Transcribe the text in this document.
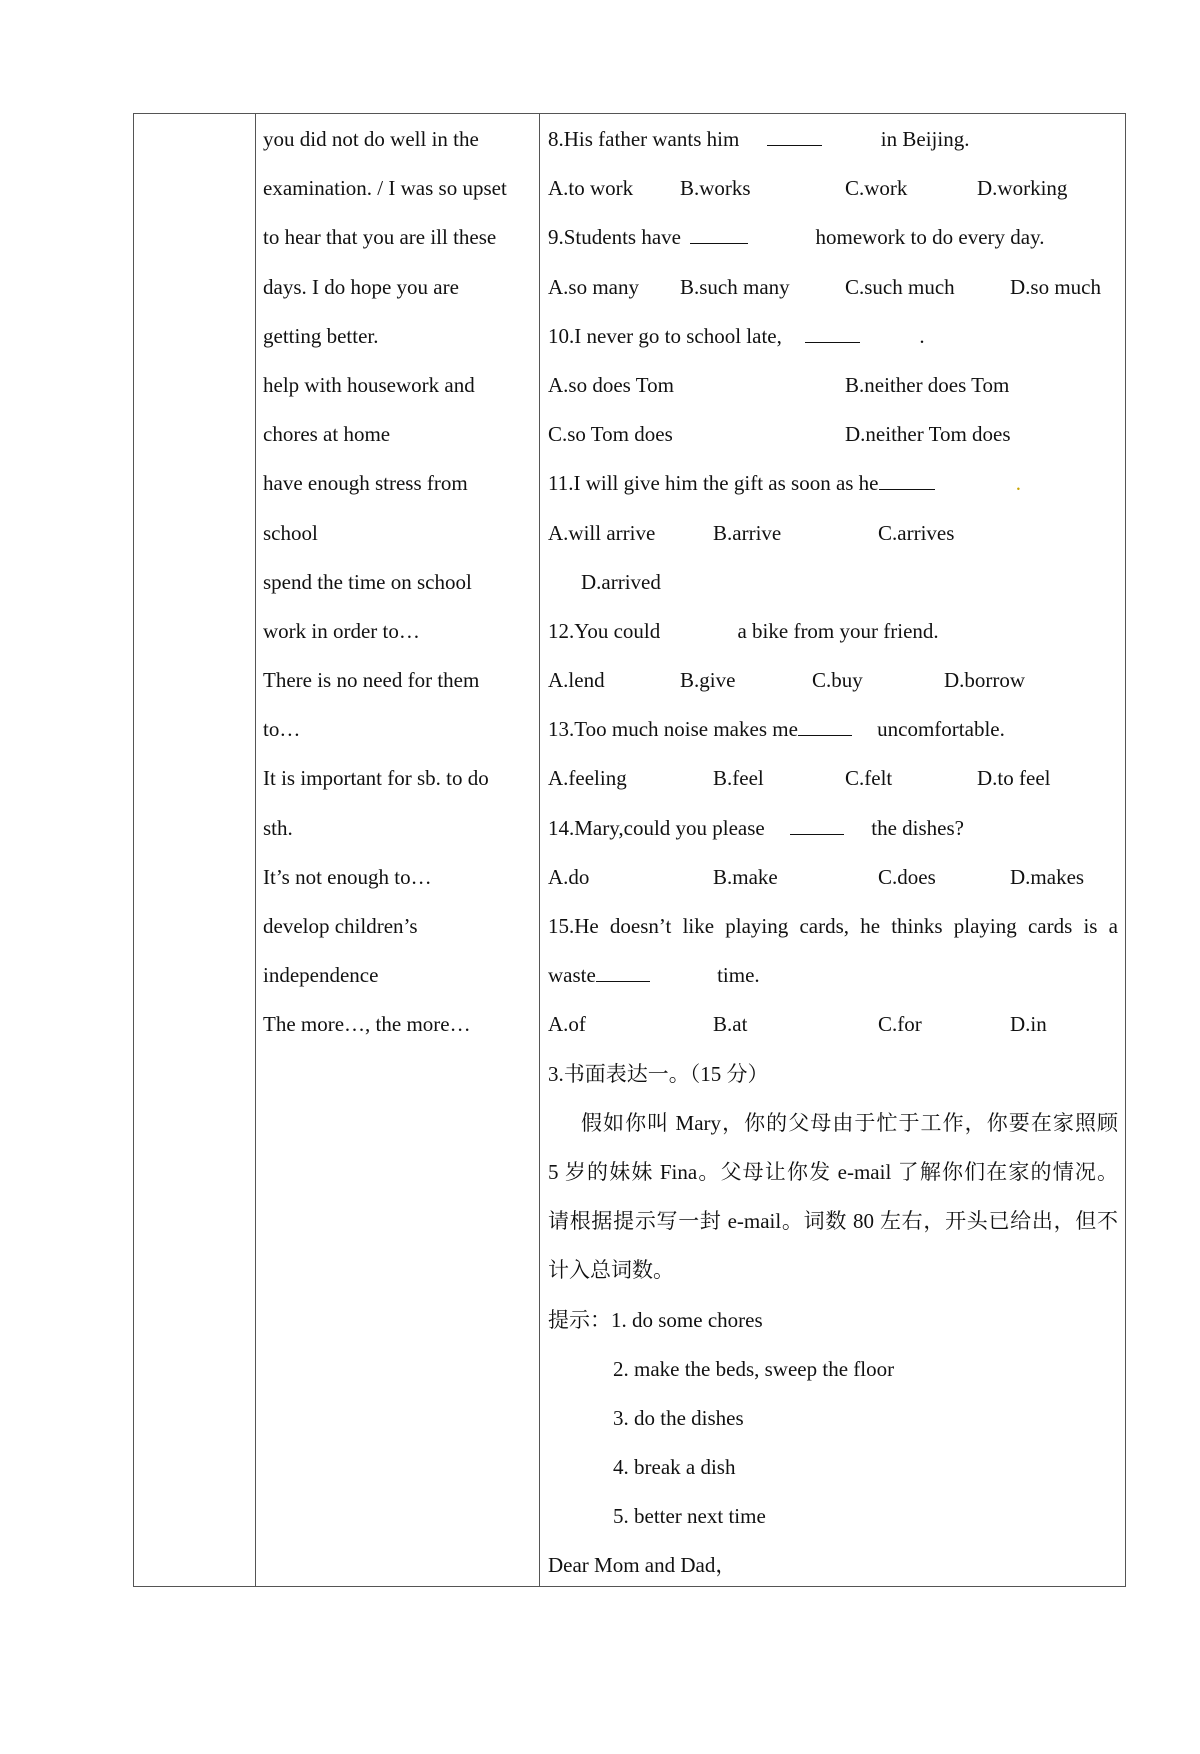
you did not do well in the
examination. / I was so upset
to hear that you are ill these
days. I do hope you are
getting better.
help with housework and
chores at home
have enough stress from
school
spend the time on school
work in order to…
There is no need for them
to…
It is important for sb. to do
sth.
It’s not enough to…
develop children’s
independence
The more…, the more…
8.His father wants him	in Beijing.
A.to work B.works	C.work	D.working
9.Students have	homework to do every day.
A.so many B.such many	C.such much	D.so much
10.I never go to school late,	.
A.so does Tom	B.neither does Tom
C.so Tom does	D.neither Tom does
11.I will give him the gift as soon as he	.
A.will arrive	B.arrive	C.arrives
D.arrived
12.You could	a bike from your friend.
A.lend	B.give	C.buy	D.borrow
13.Too much noise makes me	uncomfortable.
A.feeling	B.feel	C.felt	D.to feel
14.Mary,could you please	the dishes?
A.do	B.make	C.does	D.makes
15.He doesn’t like playing cards, he thinks playing cards is a
waste	time.
A.of	B.at	C.for	D.in
3.书面表达一。（15 分）
假如你叫 Mary，你的父母由于忙于工作，你要在家照顾
5 岁的妹妹 Fina。父母让你发 e-mail 了解你们在家的情况。
请根据提示写一封 e-mail。词数 80 左右，开头已给出，但不
计入总词数。
提示：1. do some chores
2. make the beds, sweep the floor
3. do the dishes
4. break a dish
5. better next time
Dear Mom and Dad，
